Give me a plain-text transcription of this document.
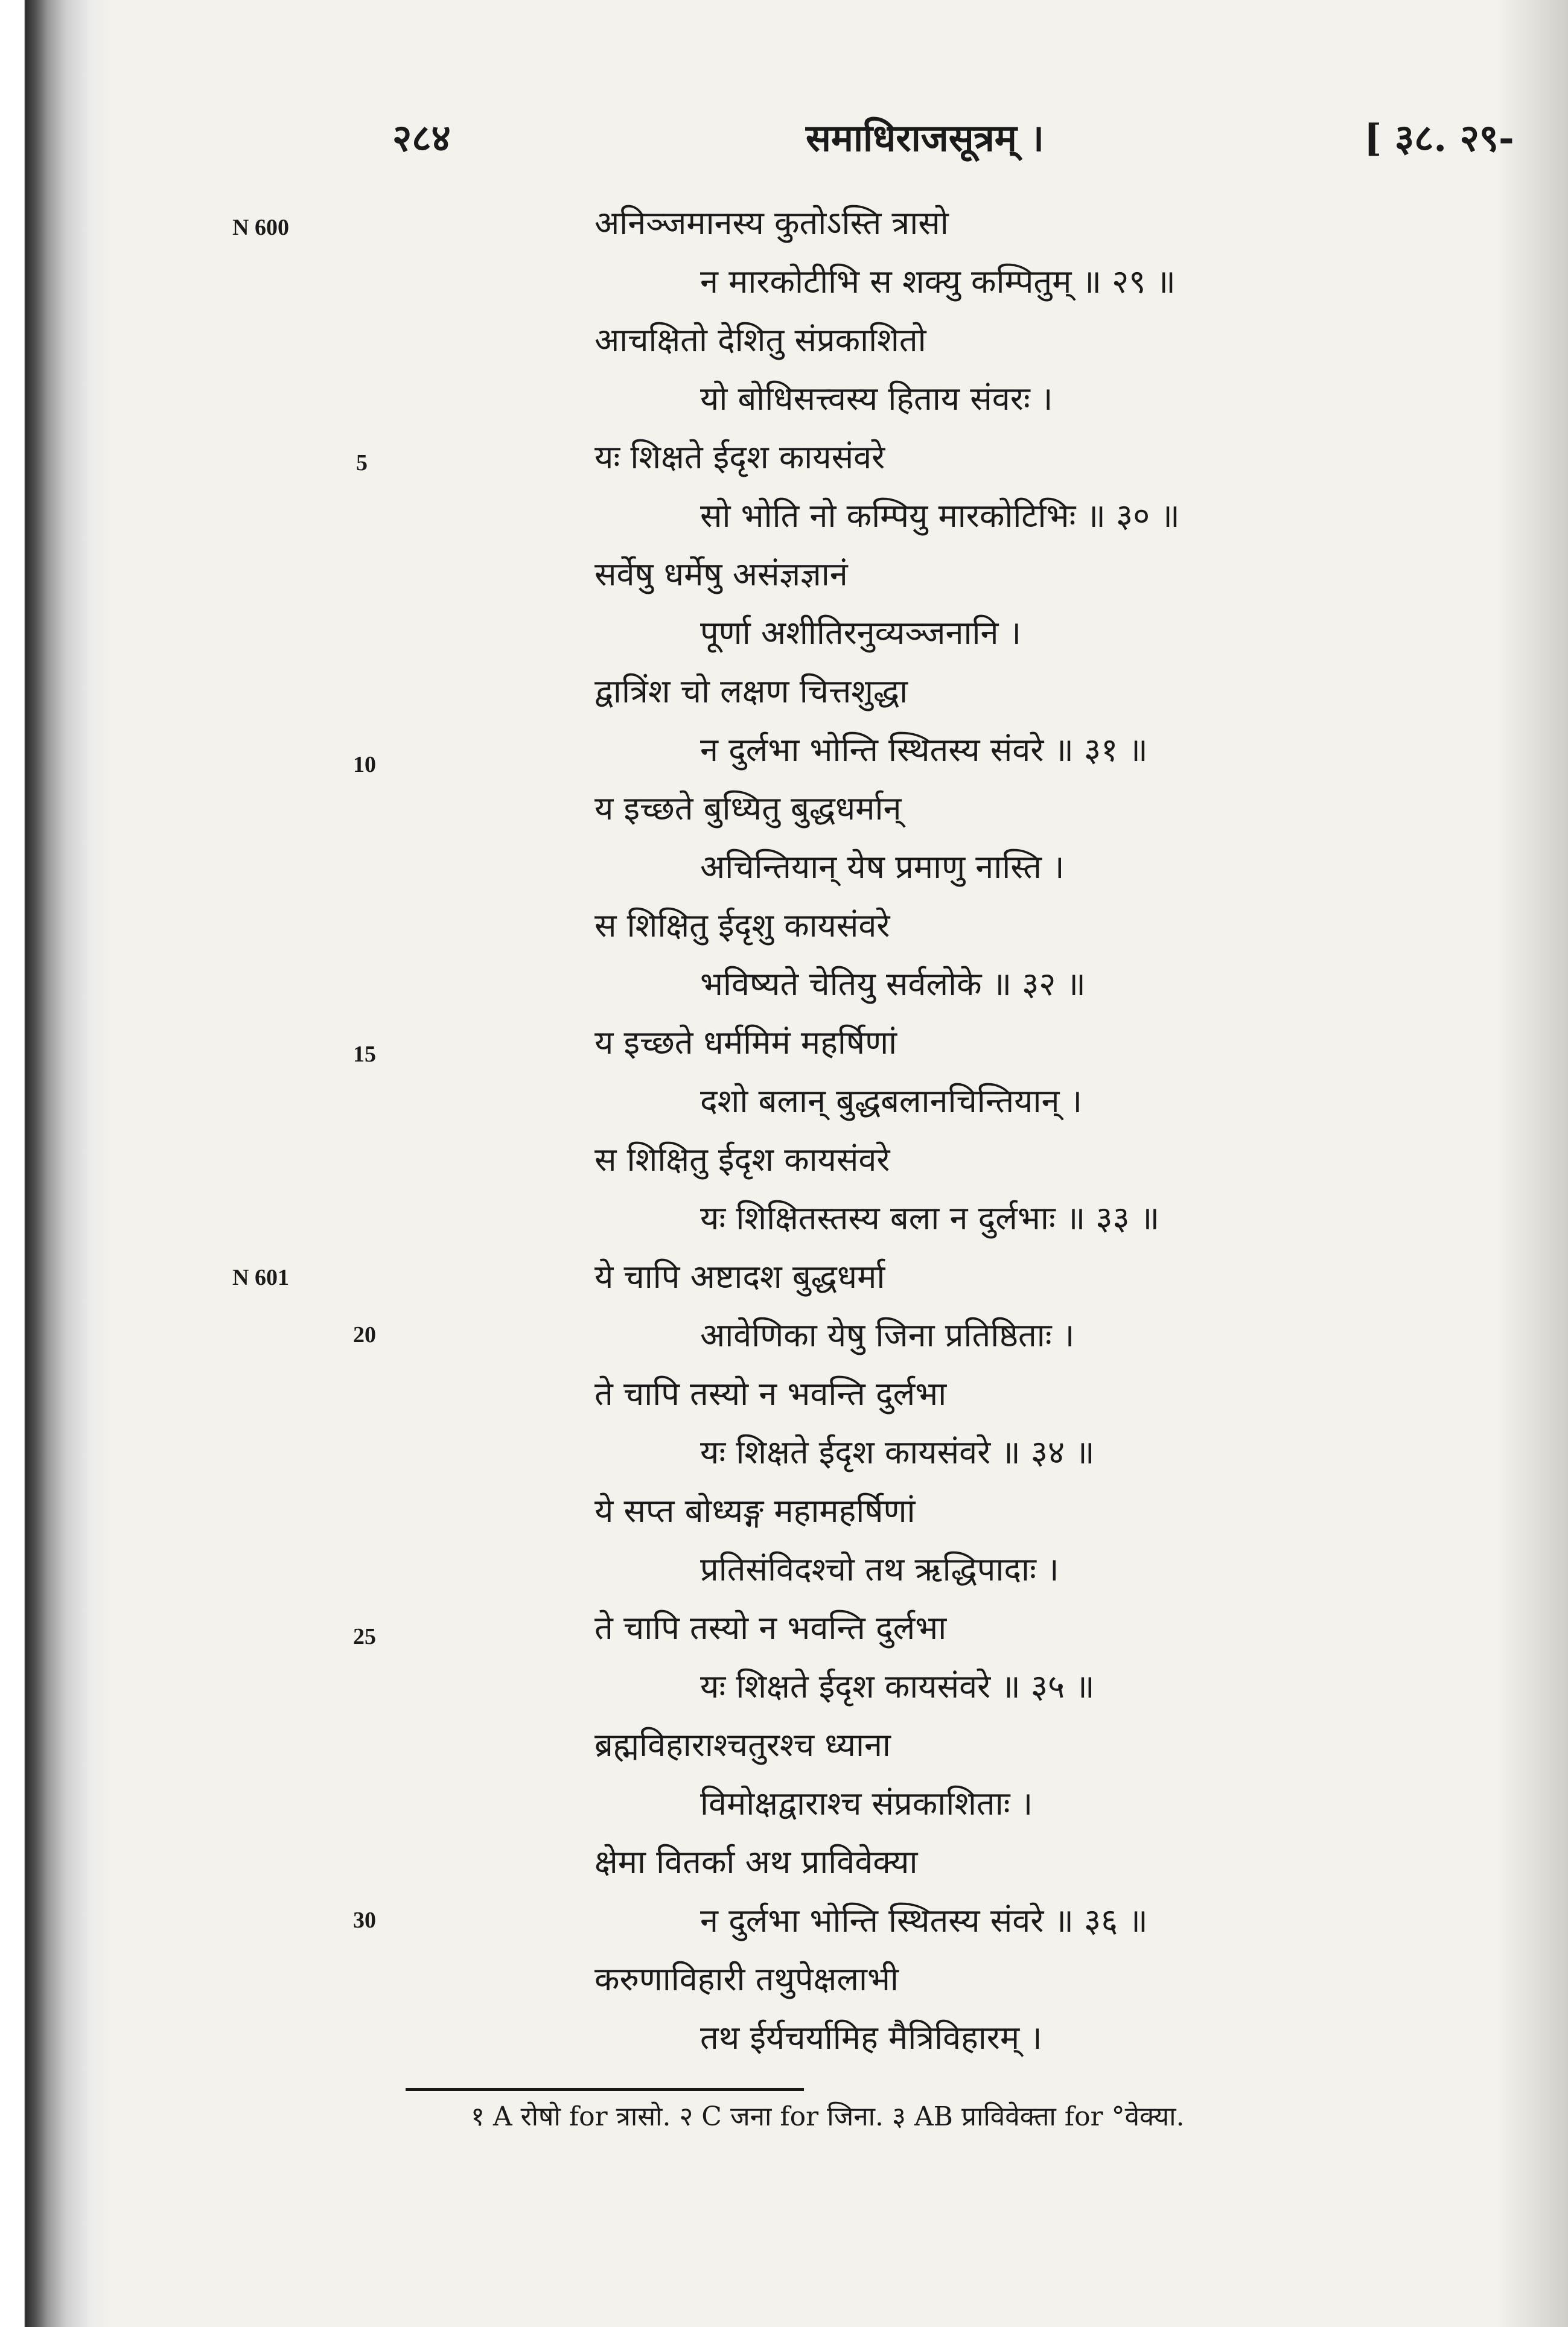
२८४	समाधिराजसूत्रम् ।	[ ३८. २९-
N 600
5
10
15
N 601
20
25
30
अनिञ्जमानस्य कुतोऽस्ति त्रासो
न मारकोटीभि स शक्यु कम्पितुम् ॥ २९ ॥
आचक्षितो देशितु संप्रकाशितो
यो बोधिसत्त्वस्य हिताय संवरः ।
यः शिक्षते ईदृश कायसंवरे
सो भोति नो कम्पियु मारकोटिभिः ॥ ३० ॥
सर्वेषु धर्मेषु असंज्ञज्ञानं
पूर्णा अशीतिरनुव्यञ्जनानि ।
द्वात्रिंश चो लक्षण चित्तशुद्धा
न दुर्लभा भोन्ति स्थितस्य संवरे ॥ ३१ ॥
य इच्छते बुध्यितु बुद्धधर्मान्
अचिन्तियान् येष प्रमाणु नास्ति ।
स शिक्षितु ईदृशु कायसंवरे
भविष्यते चेतियु सर्वलोके ॥ ३२ ॥
य इच्छते धर्ममिमं महर्षिणां
दशो बलान् बुद्धबलानचिन्तियान् ।
स शिक्षितु ईदृश कायसंवरे
यः शिक्षितस्तस्य बला न दुर्लभाः ॥ ३३ ॥
ये चापि अष्टादश बुद्धधर्मा
आवेणिका येषु जिना प्रतिष्ठिताः ।
ते चापि तस्यो न भवन्ति दुर्लभा
यः शिक्षते ईदृश कायसंवरे ॥ ३४ ॥
ये सप्त बोध्यङ्ग महामहर्षिणां
प्रतिसंविदश्चो तथ ऋद्धिपादाः ।
ते चापि तस्यो न भवन्ति दुर्लभा
यः शिक्षते ईदृश कायसंवरे ॥ ३५ ॥
ब्रह्मविहाराश्चतुरश्च ध्याना
विमोक्षद्वाराश्च संप्रकाशिताः ।
क्षेमा वितर्का अथ प्राविवेक्या
न दुर्लभा भोन्ति स्थितस्य संवरे ॥ ३६ ॥
करुणाविहारी तथुपेक्षलाभी
तथ ईर्यचर्यामिह मैत्रिविहारम् ।
१ A रोषो for त्रासो. २ C जना for जिना. ३ AB प्राविवेक्ता for °वेक्या.
